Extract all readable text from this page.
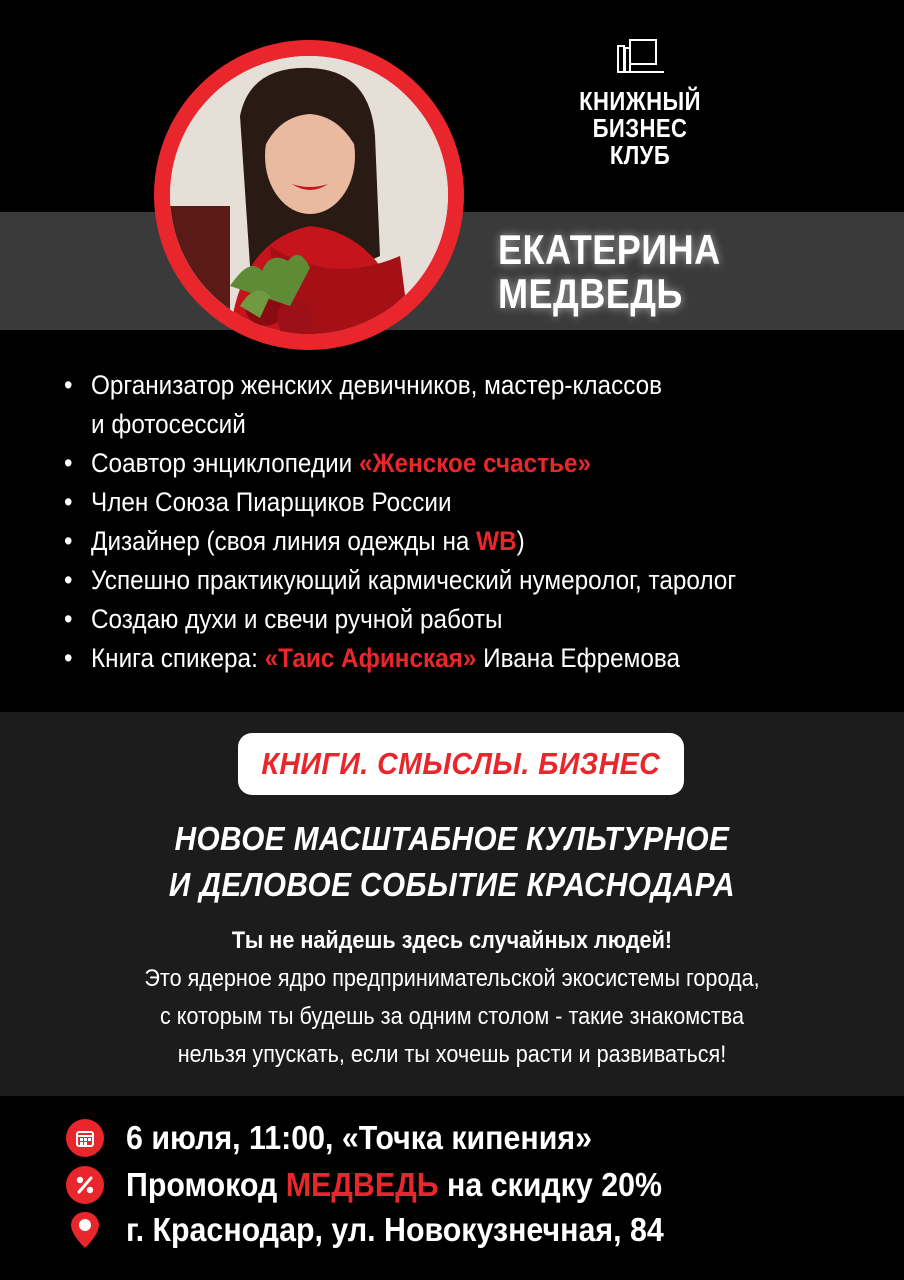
КНИЖНЫЙ
БИЗНЕС
КЛУБ
ЕКАТЕРИНА
МЕДВЕДЬ
• Организатор женских девичников, мастер-классов
и фотосессий
• Соавтор энциклопедии «Женское счастье»
• Член Союза Пиарщиков России
• Дизайнер (своя линия одежды на WB)
• Успешно практикующий кармический нумеролог, таролог
• Создаю духи и свечи ручной работы
• Книга спикера: «Таис Афинская» Ивана Ефремова
КНИГИ. СМЫСЛЫ. БИЗНЕС
НОВОЕ МАСШТАБНОЕ КУЛЬТУРНОЕ
И ДЕЛОВОЕ СОБЫТИЕ КРАСНОДАРА
Ты не найдешь здесь случайных людей!
Это ядерное ядро предпринимательской экосистемы города,
с которым ты будешь за одним столом - такие знакомства
нельзя упускать, если ты хочешь расти и развиваться!
6 июля, 11:00, «Точка кипения»
Промокод МЕДВЕДЬ на скидку 20%
г. Краснодар, ул. Новокузнечная, 84
